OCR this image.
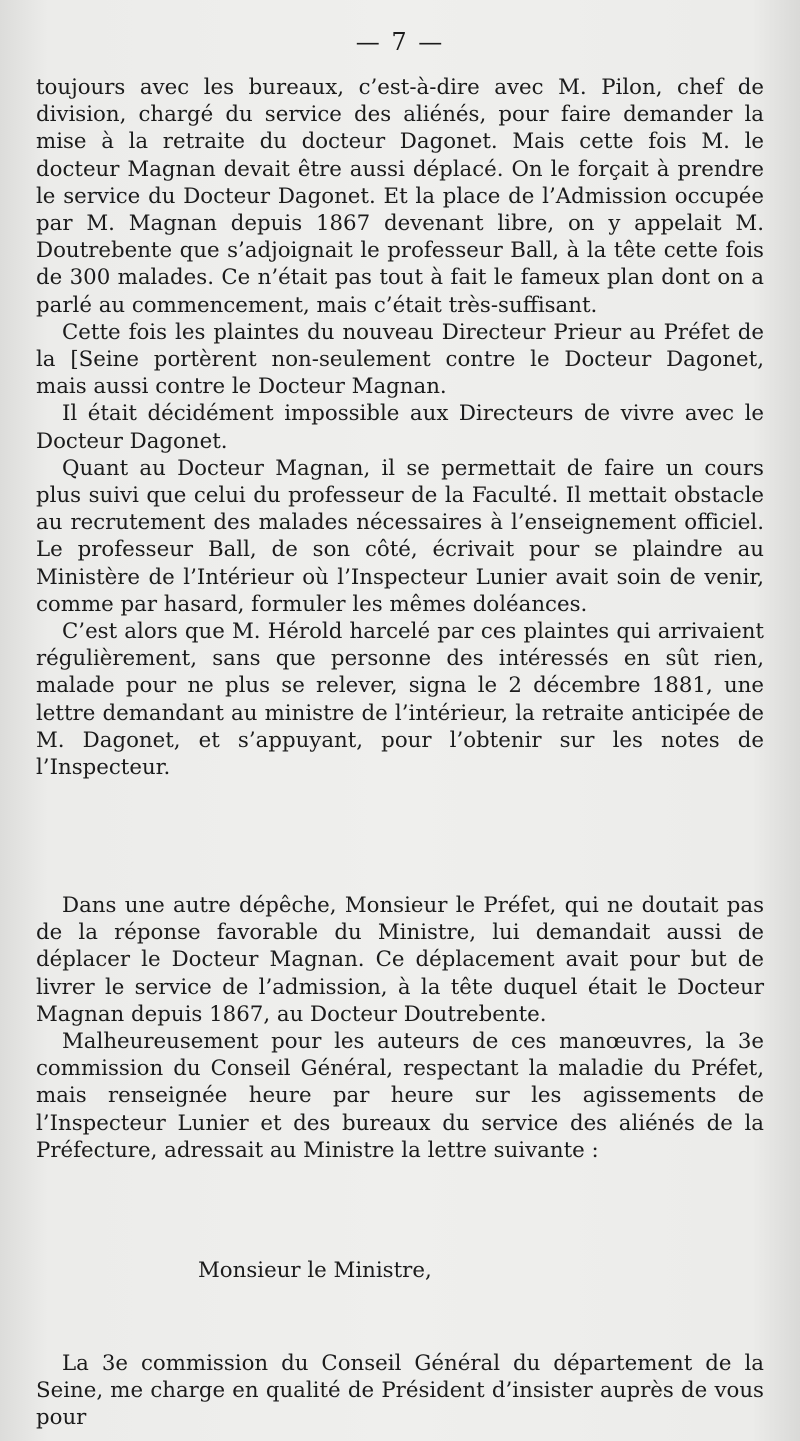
— 7 —

toujours avec les bureaux, c’est-à-dire avec M. Pilon, chef de division, chargé du service des aliénés, pour faire demander la mise à la retraite du docteur Dagonet. Mais cette fois M. le docteur Magnan devait être aussi déplacé. On le forçait à prendre le service du Docteur Dagonet. Et la place de l’Admission occupée par M. Magnan depuis 1867 devenant libre, on y appelait M. Doutrebente que s’adjoignait le professeur Ball, à la tête cette fois de 300 malades. Ce n’était pas tout à fait le fameux plan dont on a parlé au commencement, mais c’était très-suffisant.

Cette fois les plaintes du nouveau Directeur Prieur au Préfet de la [Seine portèrent non-seulement contre le Docteur Dagonet, mais aussi contre le Docteur Magnan.

Il était décidément impossible aux Directeurs de vivre avec le Docteur Dagonet.

Quant au Docteur Magnan, il se permettait de faire un cours plus suivi que celui du professeur de la Faculté. Il mettait obstacle au recrutement des malades nécessaires à l’enseignement officiel. Le professeur Ball, de son côté, écrivait pour se plaindre au Ministère de l’Intérieur où l’Inspecteur Lunier avait soin de venir, comme par hasard, formuler les mêmes doléances.

C’est alors que M. Hérold harcelé par ces plaintes qui arrivaient régulièrement, sans que personne des intéressés en sût rien, malade pour ne plus se relever, signa le 2 décembre 1881, une lettre demandant au ministre de l’intérieur, la retraite anticipée de M. Dagonet, et s’appuyant, pour l’obtenir sur les notes de l’Inspecteur.

Dans une autre dépêche, Monsieur le Préfet, qui ne doutait pas de la réponse favorable du Ministre, lui demandait aussi de déplacer le Docteur Magnan. Ce déplacement avait pour but de livrer le service de l’admission, à la tête duquel était le Docteur Magnan depuis 1867, au Docteur Doutrebente.

Malheureusement pour les auteurs de ces manœuvres, la 3e commission du Conseil Général, respectant la maladie du Préfet, mais renseignée heure par heure sur les agissements de l’Inspecteur Lunier et des bureaux du service des aliénés de la Préfecture, adressait au Ministre la lettre suivante :

Monsieur le Ministre,

La 3e commission du Conseil Général du département de la Seine, me charge en qualité de Président d’insister auprès de vous pour
